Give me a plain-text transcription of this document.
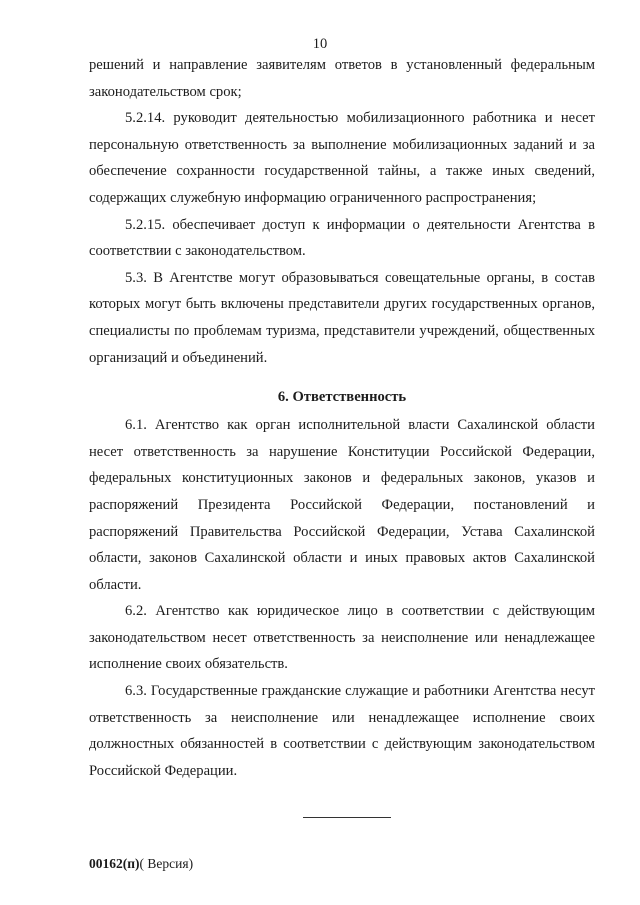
10

решений и направление заявителям ответов в установленный федеральным законодательством срок;

5.2.14. руководит деятельностью мобилизационного работника и несет персональную ответственность за выполнение мобилизационных заданий и за обеспечение сохранности государственной тайны, а также иных сведений, содержащих служебную информацию ограниченного распространения;

5.2.15. обеспечивает доступ к информации о деятельности Агентства в соответствии с законодательством.

5.3. В Агентстве могут образовываться совещательные органы, в состав которых могут быть включены представители других государственных органов, специалисты по проблемам туризма, представители учреждений, общественных организаций и объединений.

6. Ответственность

6.1. Агентство как орган исполнительной власти Сахалинской области несет ответственность за нарушение Конституции Российской Федерации, федеральных конституционных законов и федеральных законов, указов и распоряжений Президента Российской Федерации, постановлений и распоряжений Правительства Российской Федерации, Устава Сахалинской области, законов Сахалинской области и иных правовых актов Сахалинской области.

6.2. Агентство как юридическое лицо в соответствии с действующим законодательством несет ответственность за неисполнение или ненадлежащее исполнение своих обязательств.

6.3. Государственные гражданские служащие и работники Агентства несут ответственность за неисполнение или ненадлежащее исполнение своих должностных обязанностей в соответствии с действующим законодательством Российской Федерации.

00162(п)( Версия)
